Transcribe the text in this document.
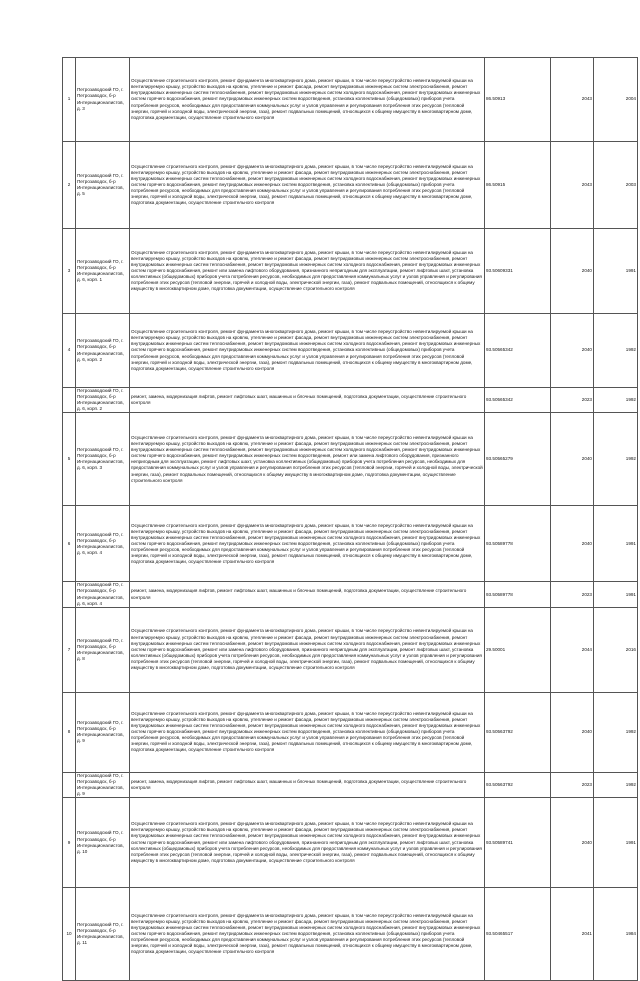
1	Петрозаводский ГО, г. Петрозаводск, б-р Интернационалистов, д. 3	Осуществление строительного контроля, ремонт фундамента многоквартирного дома, ремонт крыши, в том числе переустройство невентилируемой крыши на вентилируемую крышу, устройство выходов на кровлю, утепление и ремонт фасада, ремонт внутридомовых инженерных систем электроснабжения, ремонт внутридомовых инженерных систем теплоснабжения, ремонт внутридомовых инженерных систем холодного водоснабжения, ремонт внутридомовых инженерных систем горячего водоснабжения, ремонт внутридомовых инженерных систем водоотведения, установка коллективных (общедомовых) приборов учета потребления ресурсов, необходимых для предоставления коммунальных услуг и узлов управления и регулирования потребления этих ресурсов (тепловой энергии, горячей и холодной воды, электрической энергии, газа), ремонт подвальных помещений, относящихся к общему имуществу в многоквартирном доме, подготовка документации, осуществление строительного контроля	86.50913	2043	2004
2	Петрозаводский ГО, г. Петрозаводск, б-р Интернационалистов, д. 5	Осуществление строительного контроля, ремонт фундамента многоквартирного дома, ремонт крыши, в том числе переустройство невентилируемой крыши на вентилируемую крышу, устройство выходов на кровлю, утепление и ремонт фасада, ремонт внутридомовых инженерных систем электроснабжения, ремонт внутридомовых инженерных систем теплоснабжения, ремонт внутридомовых инженерных систем холодного водоснабжения, ремонт внутридомовых инженерных систем горячего водоснабжения, ремонт внутридомовых инженерных систем водоотведения, установка коллективных (общедомовых) приборов учета потребления ресурсов, необходимых для предоставления коммунальных услуг и узлов управления и регулирования потребления этих ресурсов (тепловой энергии, горячей и холодной воды, электрической энергии, газа), ремонт подвальных помещений, относящихся к общему имуществу в многоквартирном доме, подготовка документации, осуществление строительного контроля	86.50915	2043	2003
3	Петрозаводский ГО, г. Петрозаводск, б-р Интернационалистов, д. 6, корп. 1	Осуществление строительного контроля, ремонт фундамента многоквартирного дома, ремонт крыши, в том числе переустройство невентилируемой крыши на вентилируемую крышу, устройство выходов на кровлю, утепление и ремонт фасада, ремонт внутридомовых инженерных систем электроснабжения, ремонт внутридомовых инженерных систем теплоснабжения, ремонт внутридомовых инженерных систем холодного водоснабжения, ремонт внутридомовых инженерных систем горячего водоснабжения, ремонт или замена лифтового оборудования, признанного непригодным для эксплуатации, ремонт лифтовых шахт, установка коллективных (общедомовых) приборов учета потребления ресурсов, необходимых для предоставления коммунальных услуг и узлов управления и регулирования потребления этих ресурсов (тепловой энергии, горячей и холодной воды, электрической энергии, газа), ремонт подвальных помещений, относящихся к общему имуществу в многоквартирном доме, подготовка документации, осуществление строительного контроля	93.50609331	2040	1991
4	Петрозаводский ГО, г. Петрозаводск, б-р Интернационалистов, д. 6, корп. 2	Осуществление строительного контроля, ремонт фундамента многоквартирного дома, ремонт крыши, в том числе переустройство невентилируемой крыши на вентилируемую крышу, устройство выходов на кровлю, утепление и ремонт фасада, ремонт внутридомовых инженерных систем электроснабжения, ремонт внутридомовых инженерных систем теплоснабжения, ремонт внутридомовых инженерных систем холодного водоснабжения, ремонт внутридомовых инженерных систем горячего водоснабжения, ремонт внутридомовых инженерных систем водоотведения, установка коллективных (общедомовых) приборов учета потребления ресурсов, необходимых для предоставления коммунальных услуг и узлов управления и регулирования потребления этих ресурсов (тепловой энергии, горячей и холодной воды, электрической энергии, газа), ремонт подвальных помещений, относящихся к общему имуществу в многоквартирном доме, подготовка документации, осуществление строительного контроля	93.50565342	2040	1992
	Петрозаводский ГО, г. Петрозаводск, б-р Интернационалистов, д. 6, корп. 2	ремонт, замена, модернизация лифтов, ремонт лифтовых шахт, машинных и блочных помещений, подготовка документации, осуществление строительного контроля	93.50565342	2023	1992
5	Петрозаводский ГО, г. Петрозаводск, б-р Интернационалистов, д. 6, корп. 3	Осуществление строительного контроля, ремонт фундамента многоквартирного дома, ремонт крыши, в том числе переустройство невентилируемой крыши на вентилируемую крышу, устройство выходов на кровлю, утепление и ремонт фасада, ремонт внутридомовых инженерных систем электроснабжения, ремонт внутридомовых инженерных систем теплоснабжения, ремонт внутридомовых инженерных систем холодного водоснабжения, ремонт внутридомовых инженерных систем горячего водоснабжения, ремонт внутридомовых инженерных систем водоотведения, ремонт или замена лифтового оборудования, признанного непригодным для эксплуатации, ремонт лифтовых шахт, установка коллективных (общедомовых) приборов учета потребления ресурсов, необходимых для предоставления коммунальных услуг и узлов управления и регулирования потребления этих ресурсов (тепловой энергии, горячей и холодной воды, электрической энергии, газа), ремонт подвальных помещений, относящихся к общему имуществу в многоквартирном доме, подготовка документации, осуществление строительного контроля	93.50565279	2040	1992
6	Петрозаводский ГО, г. Петрозаводск, б-р Интернационалистов, д. 6, корп. 4	Осуществление строительного контроля, ремонт фундамента многоквартирного дома, ремонт крыши, в том числе переустройство невентилируемой крыши на вентилируемую крышу, устройство выходов на кровлю, утепление и ремонт фасада, ремонт внутридомовых инженерных систем электроснабжения, ремонт внутридомовых инженерных систем теплоснабжения, ремонт внутридомовых инженерных систем холодного водоснабжения, ремонт внутридомовых инженерных систем горячего водоснабжения, ремонт внутридомовых инженерных систем водоотведения, установка коллективных (общедомовых) приборов учета потребления ресурсов, необходимых для предоставления коммунальных услуг и узлов управления и регулирования потребления этих ресурсов (тепловой энергии, горячей и холодной воды, электрической энергии, газа), ремонт подвальных помещений, относящихся к общему имуществу в многоквартирном доме, подготовка документации, осуществление строительного контроля	93.50589778	2040	1991
	Петрозаводский ГО, г. Петрозаводск, б-р Интернационалистов, д. 6, корп. 4	ремонт, замена, модернизация лифтов, ремонт лифтовых шахт, машинных и блочных помещений, подготовка документации, осуществление строительного контроля	93.50589778	2023	1991
7	Петрозаводский ГО, г. Петрозаводск, б-р Интернационалистов, д. 8	Осуществление строительного контроля, ремонт фундамента многоквартирного дома, ремонт крыши, в том числе переустройство невентилируемой крыши на вентилируемую крышу, устройство выходов на кровлю, утепление и ремонт фасада, ремонт внутридомовых инженерных систем электроснабжения, ремонт внутридомовых инженерных систем теплоснабжения, ремонт внутридомовых инженерных систем холодного водоснабжения, ремонт внутридомовых инженерных систем горячего водоснабжения, ремонт или замена лифтового оборудования, признанного непригодным для эксплуатации, ремонт лифтовых шахт, установка коллективных (общедомовых) приборов учета потребления ресурсов, необходимых для предоставления коммунальных услуг и узлов управления и регулирования потребления этих ресурсов (тепловой энергии, горячей и холодной воды, электрической энергии, газа), ремонт подвальных помещений, относящихся к общему имуществу в многоквартирном доме, подготовка документации, осуществление строительного контроля	29.50001	2044	2016
8	Петрозаводский ГО, г. Петрозаводск, б-р Интернационалистов, д. 9	Осуществление строительного контроля, ремонт фундамента многоквартирного дома, ремонт крыши, в том числе переустройство невентилируемой крыши на вентилируемую крышу, устройство выходов на кровлю, утепление и ремонт фасада, ремонт внутридомовых инженерных систем электроснабжения, ремонт внутридомовых инженерных систем теплоснабжения, ремонт внутридомовых инженерных систем холодного водоснабжения, ремонт внутридомовых инженерных систем горячего водоснабжения, ремонт внутридомовых инженерных систем водоотведения, установка коллективных (общедомовых) приборов учета потребления ресурсов, необходимых для предоставления коммунальных услуг и узлов управления и регулирования потребления этих ресурсов (тепловой энергии, горячей и холодной воды, электрической энергии, газа), ремонт подвальных помещений, относящихся к общему имуществу в многоквартирном доме, подготовка документации, осуществление строительного контроля	93.50563792	2040	1992
	Петрозаводский ГО, г. Петрозаводск, б-р Интернационалистов, д. 9	ремонт, замена, модернизация лифтов, ремонт лифтовых шахт, машинных и блочных помещений, подготовка документации, осуществление строительного контроля	93.50563792	2023	1992
9	Петрозаводский ГО, г. Петрозаводск, б-р Интернационалистов, д. 10	Осуществление строительного контроля, ремонт фундамента многоквартирного дома, ремонт крыши, в том числе переустройство невентилируемой крыши на вентилируемую крышу, устройство выходов на кровлю, утепление и ремонт фасада, ремонт внутридомовых инженерных систем электроснабжения, ремонт внутридомовых инженерных систем теплоснабжения, ремонт внутридомовых инженерных систем холодного водоснабжения, ремонт внутридомовых инженерных систем горячего водоснабжения, ремонт или замена лифтового оборудования, признанного непригодным для эксплуатации, ремонт лифтовых шахт, установка коллективных (общедомовых) приборов учета потребления ресурсов, необходимых для предоставления коммунальных услуг и узлов управления и регулирования потребления этих ресурсов (тепловой энергии, горячей и холодной воды, электрической энергии, газа), ремонт подвальных помещений, относящихся к общему имуществу в многоквартирном доме, подготовка документации, осуществление строительного контроля	93.50589741	2040	1991
10	Петрозаводский ГО, г. Петрозаводск, б-р Интернационалистов, д. 11	Осуществление строительного контроля, ремонт фундамента многоквартирного дома, ремонт крыши, в том числе переустройство невентилируемой крыши на вентилируемую крышу, устройство выходов на кровлю, утепление и ремонт фасада, ремонт внутридомовых инженерных систем электроснабжения, ремонт внутридомовых инженерных систем теплоснабжения, ремонт внутридомовых инженерных систем холодного водоснабжения, ремонт внутридомовых инженерных систем горячего водоснабжения, ремонт внутридомовых инженерных систем водоотведения, установка коллективных (общедомовых) приборов учета потребления ресурсов, необходимых для предоставления коммунальных услуг и узлов управления и регулирования потребления этих ресурсов (тепловой энергии, горячей и холодной воды, электрической энергии, газа), ремонт подвальных помещений, относящихся к общему имуществу в многоквартирном доме, подготовка документации, осуществление строительного контроля	93.50465517	2041	1984
